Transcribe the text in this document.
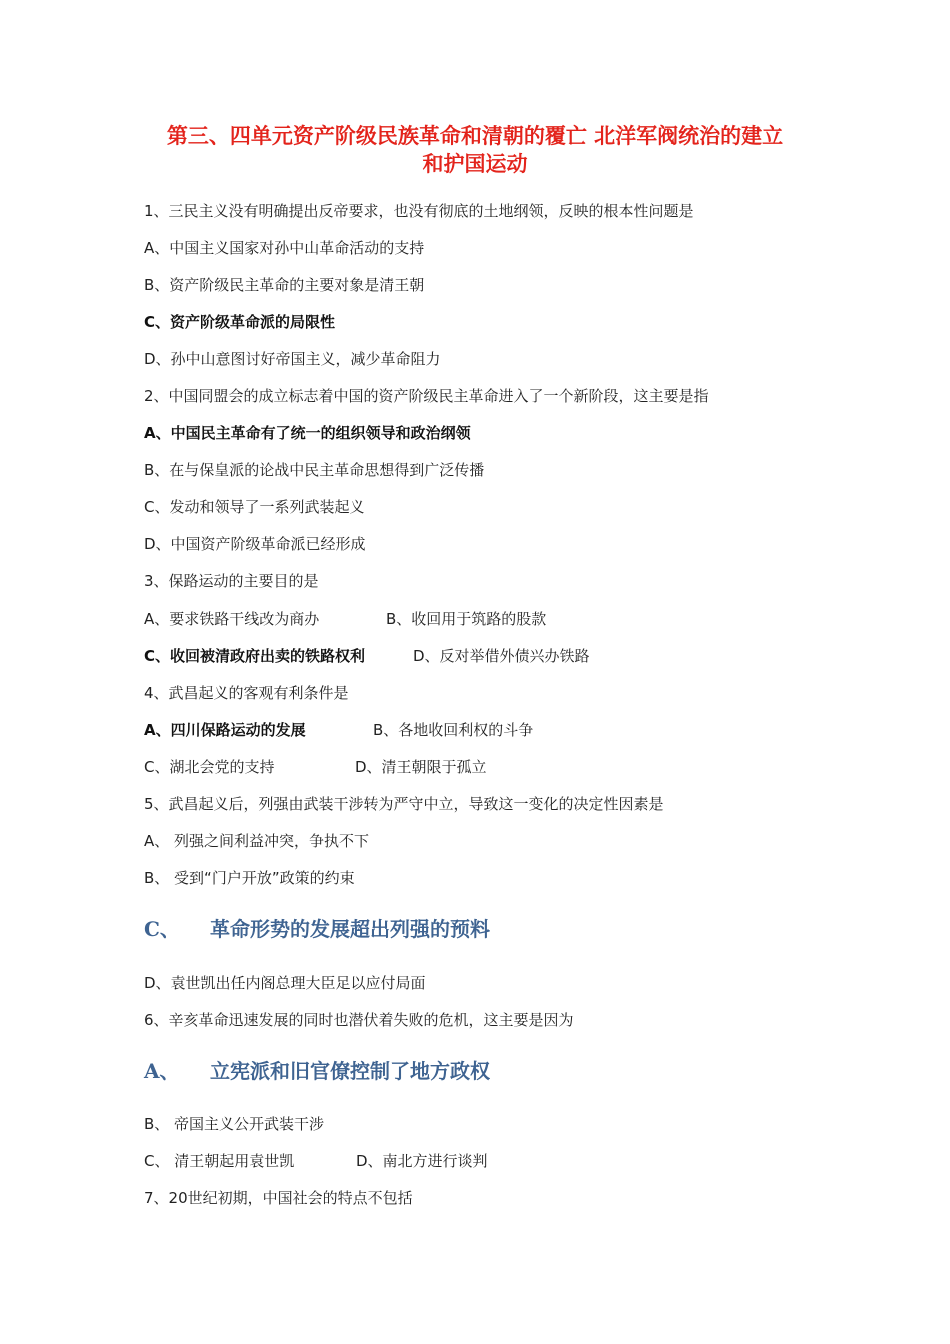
第三、四单元资产阶级民族革命和清朝的覆亡 北洋军阀统治的建立
和护国运动
1、三民主义没有明确提出反帝要求，也没有彻底的土地纲领，反映的根本性问题是
A、中国主义国家对孙中山革命活动的支持
B、资产阶级民主革命的主要对象是清王朝
C、资产阶级革命派的局限性
D、孙中山意图讨好帝国主义，减少革命阻力
2、中国同盟会的成立标志着中国的资产阶级民主革命进入了一个新阶段，这主要是指
A、中国民主革命有了统一的组织领导和政治纲领
B、在与保皇派的论战中民主革命思想得到广泛传播
C、发动和领导了一系列武装起义
D、中国资产阶级革命派已经形成
3、保路运动的主要目的是
A、要求铁路干线改为商办	B、收回用于筑路的股款
C、收回被清政府出卖的铁路权利	D、反对举借外债兴办铁路
4、武昌起义的客观有利条件是
A、四川保路运动的发展	B、各地收回利权的斗争
C、湖北会党的支持	D、清王朝限于孤立
5、武昌起义后，列强由武装干涉转为严守中立，导致这一变化的决定性因素是
A、 列强之间利益冲突，争执不下
B、 受到“门户开放”政策的约束
C、 革命形势的发展超出列强的预料
D、袁世凯出任内阁总理大臣足以应付局面
6、辛亥革命迅速发展的同时也潜伏着失败的危机，这主要是因为
A、 立宪派和旧官僚控制了地方政权
B、 帝国主义公开武装干涉
C、 清王朝起用袁世凯	D、南北方进行谈判
7、20世纪初期，中国社会的特点不包括
